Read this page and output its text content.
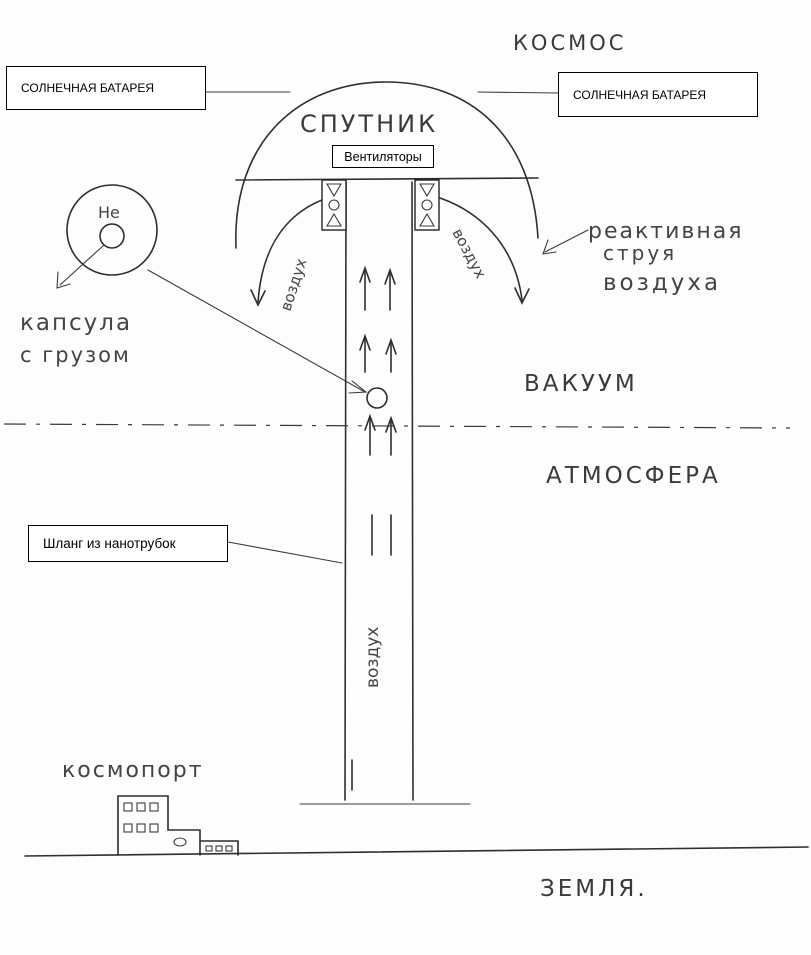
КОСМОС
СПУТНИК
реактивная
струя
воздуха
воздух
воздух
воздух
He
капсула
с грузом
ВАКУУМ
АТМОСФЕРА
космопорт
ЗЕМЛЯ.
СОЛНЕЧНАЯ БАТАРЕЯ	СОЛНЕЧНАЯ БАТАРЕЯ
Вентиляторы
Шланг из нанотрубок
